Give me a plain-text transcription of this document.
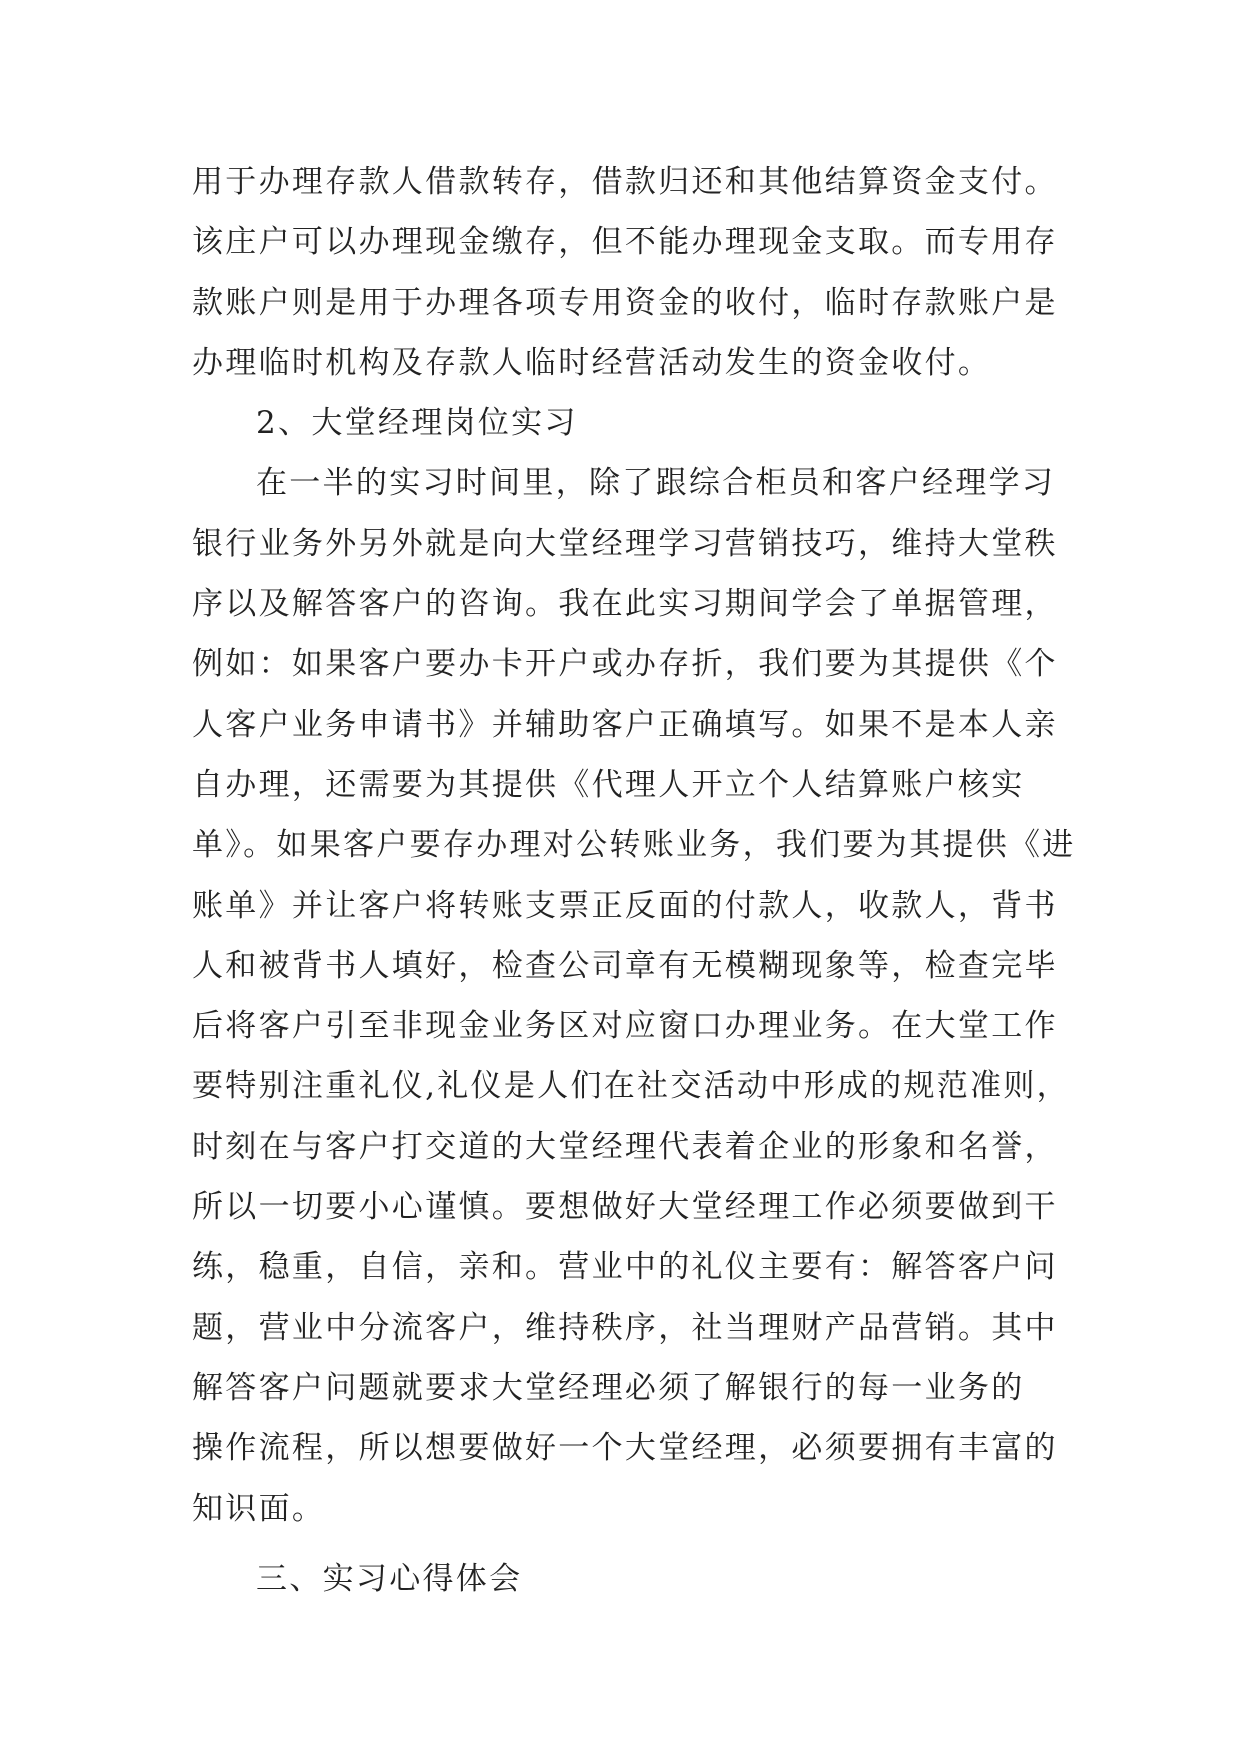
用于办理存款人借款转存，借款归还和其他结算资金支付。
该庄户可以办理现金缴存，但不能办理现金支取。而专用存
款账户则是用于办理各项专用资金的收付，临时存款账户是
办理临时机构及存款人临时经营活动发生的资金收付。
2、大堂经理岗位实习
在一半的实习时间里，除了跟综合柜员和客户经理学习
银行业务外另外就是向大堂经理学习营销技巧，维持大堂秩
序以及解答客户的咨询。我在此实习期间学会了单据管理，
例如：如果客户要办卡开户或办存折，我们要为其提供《个
人客户业务申请书》并辅助客户正确填写。如果不是本人亲
自办理，还需要为其提供《代理人开立个人结算账户核实
单》。如果客户要存办理对公转账业务，我们要为其提供《进
账单》并让客户将转账支票正反面的付款人，收款人，背书
人和被背书人填好，检查公司章有无模糊现象等，检查完毕
后将客户引至非现金业务区对应窗口办理业务。在大堂工作
要特别注重礼仪,礼仪是人们在社交活动中形成的规范准则，
时刻在与客户打交道的大堂经理代表着企业的形象和名誉，
所以一切要小心谨慎。要想做好大堂经理工作必须要做到干
练，稳重，自信，亲和。营业中的礼仪主要有：解答客户问
题，营业中分流客户，维持秩序，社当理财产品营销。其中
解答客户问题就要求大堂经理必须了解银行的每一业务的
操作流程，所以想要做好一个大堂经理，必须要拥有丰富的
知识面。
三、实习心得体会
